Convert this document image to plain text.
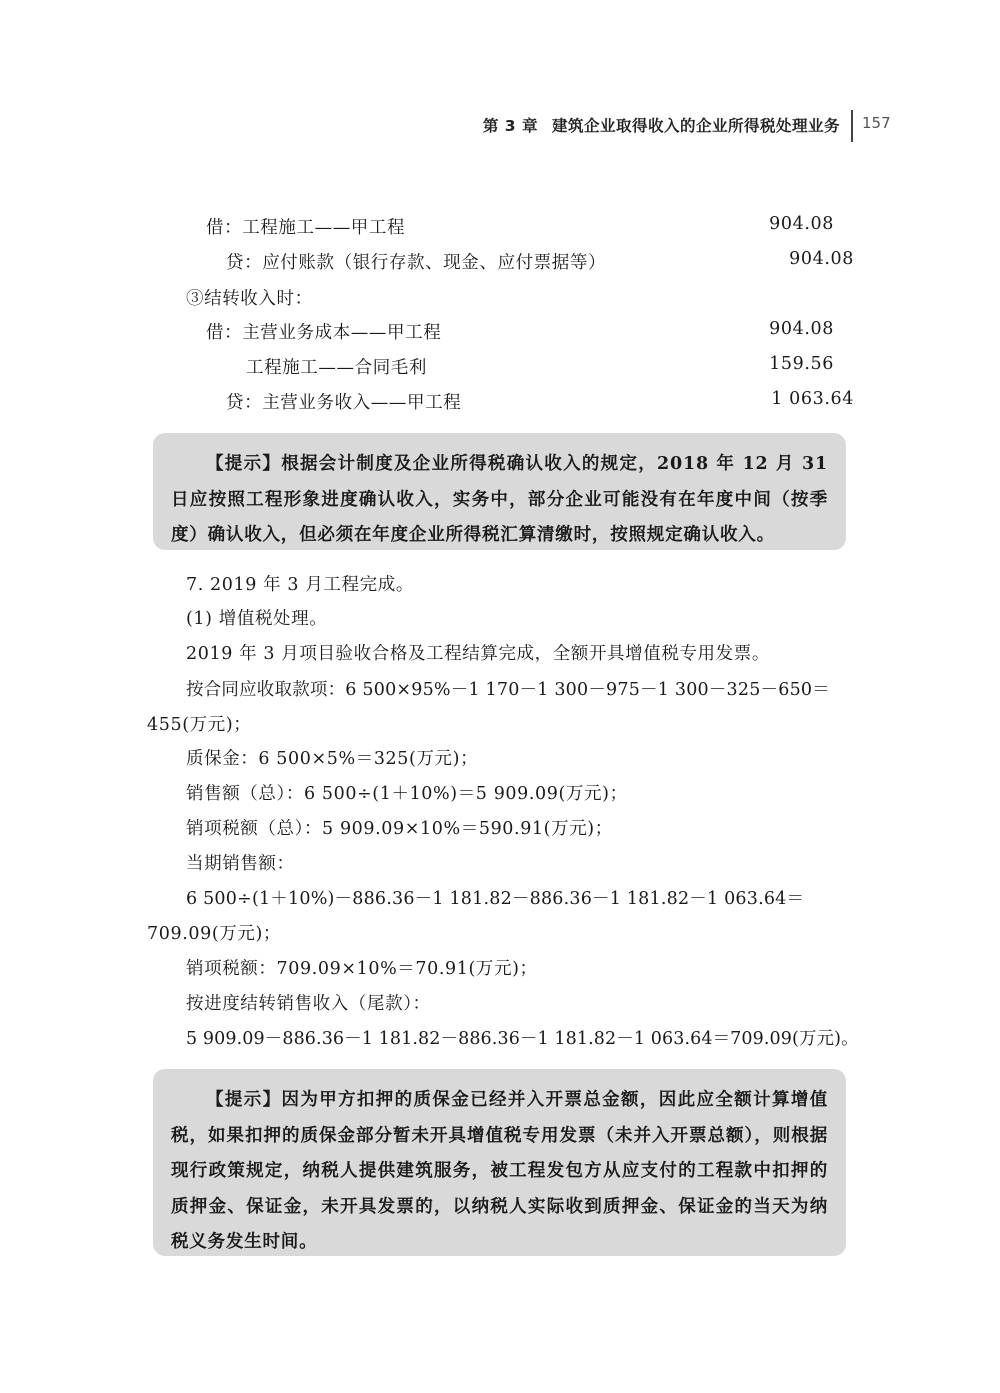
第 3 章 建筑企业取得收入的企业所得税处理业务 157
借：工程施工——甲工程	904.08
贷：应付账款（银行存款、现金、应付票据等）	904.08
③结转收入时：
借：主营业务成本——甲工程	904.08
工程施工——合同毛利	159.56
贷：主营业务收入——甲工程	1 063.64

【提示】根据会计制度及企业所得税确认收入的规定，2018 年 12 月 31 日应按照工程形象进度确认收入，实务中，部分企业可能没有在年度中间（按季度）确认收入，但必须在年度企业所得税汇算清缴时，按照规定确认收入。

7. 2019 年 3 月工程完成。
(1) 增值税处理。
2019 年 3 月项目验收合格及工程结算完成，全额开具增值税专用发票。
按合同应收取款项：6 500×95%－1 170－1 300－975－1 300－325－650＝
455(万元)；
质保金：6 500×5%＝325(万元)；
销售额（总）：6 500÷(1＋10%)＝5 909.09(万元)；
销项税额（总）：5 909.09×10%＝590.91(万元)；
当期销售额：
6 500÷(1＋10%)－886.36－1 181.82－886.36－1 181.82－1 063.64＝
709.09(万元)；
销项税额：709.09×10%＝70.91(万元)；
按进度结转销售收入（尾款）：
5 909.09－886.36－1 181.82－886.36－1 181.82－1 063.64＝709.09(万元)。

【提示】因为甲方扣押的质保金已经并入开票总金额，因此应全额计算增值税，如果扣押的质保金部分暂未开具增值税专用发票（未并入开票总额），则根据现行政策规定，纳税人提供建筑服务，被工程发包方从应支付的工程款中扣押的质押金、保证金，未开具发票的，以纳税人实际收到质押金、保证金的当天为纳税义务发生时间。
